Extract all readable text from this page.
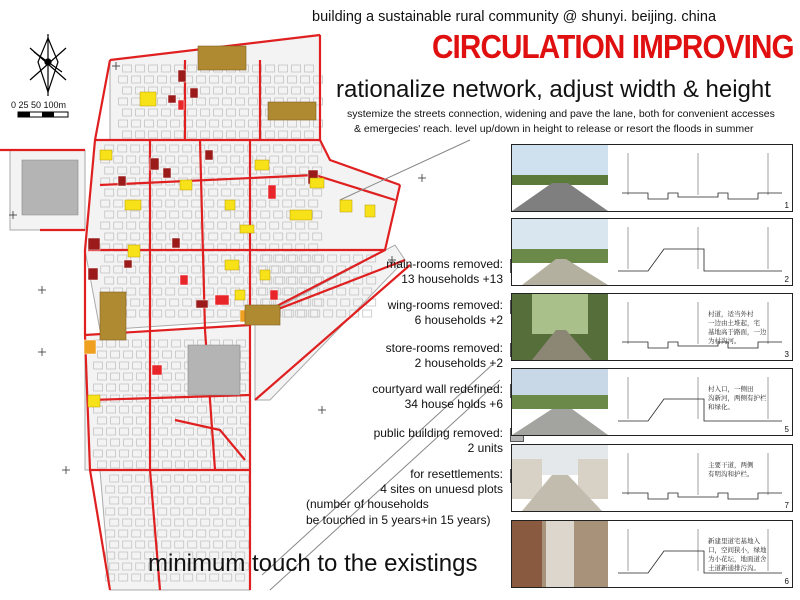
building a sustainable rural community @ shunyi. beijing. china
CIRCULATION IMPROVING
rationalize network, adjust width & height
systemize the streets connection, widening and pave the lane, both for convenient accesses
& emergecies' reach. level up/down in height to release or resort the floods in summer
0 25 50 100m
main-rooms removed:
13 households +13
wing-rooms removed:
6 households +2
store-rooms removed:
2 households +2
courtyard wall redefined:
34 house holds +6
public building removed:
2 units
for resettlements:
4 sites on unuesd plots
(number of households
be touched in 5 years+in 15 years)
1
2
村道，适当外村
一边由土堆起，宅
基地高于路面，一边
为村沟河。
3
村入口，一侧田
沟新河，两侧有护栏
和绿化。
5
主要干道，两侧
有明沟和护栏。
7
新建里道宅基地入
口，空间狭小，绿地
为小花坛，地面道舍
土道新通排污沟。
6
minimum touch to the existings
